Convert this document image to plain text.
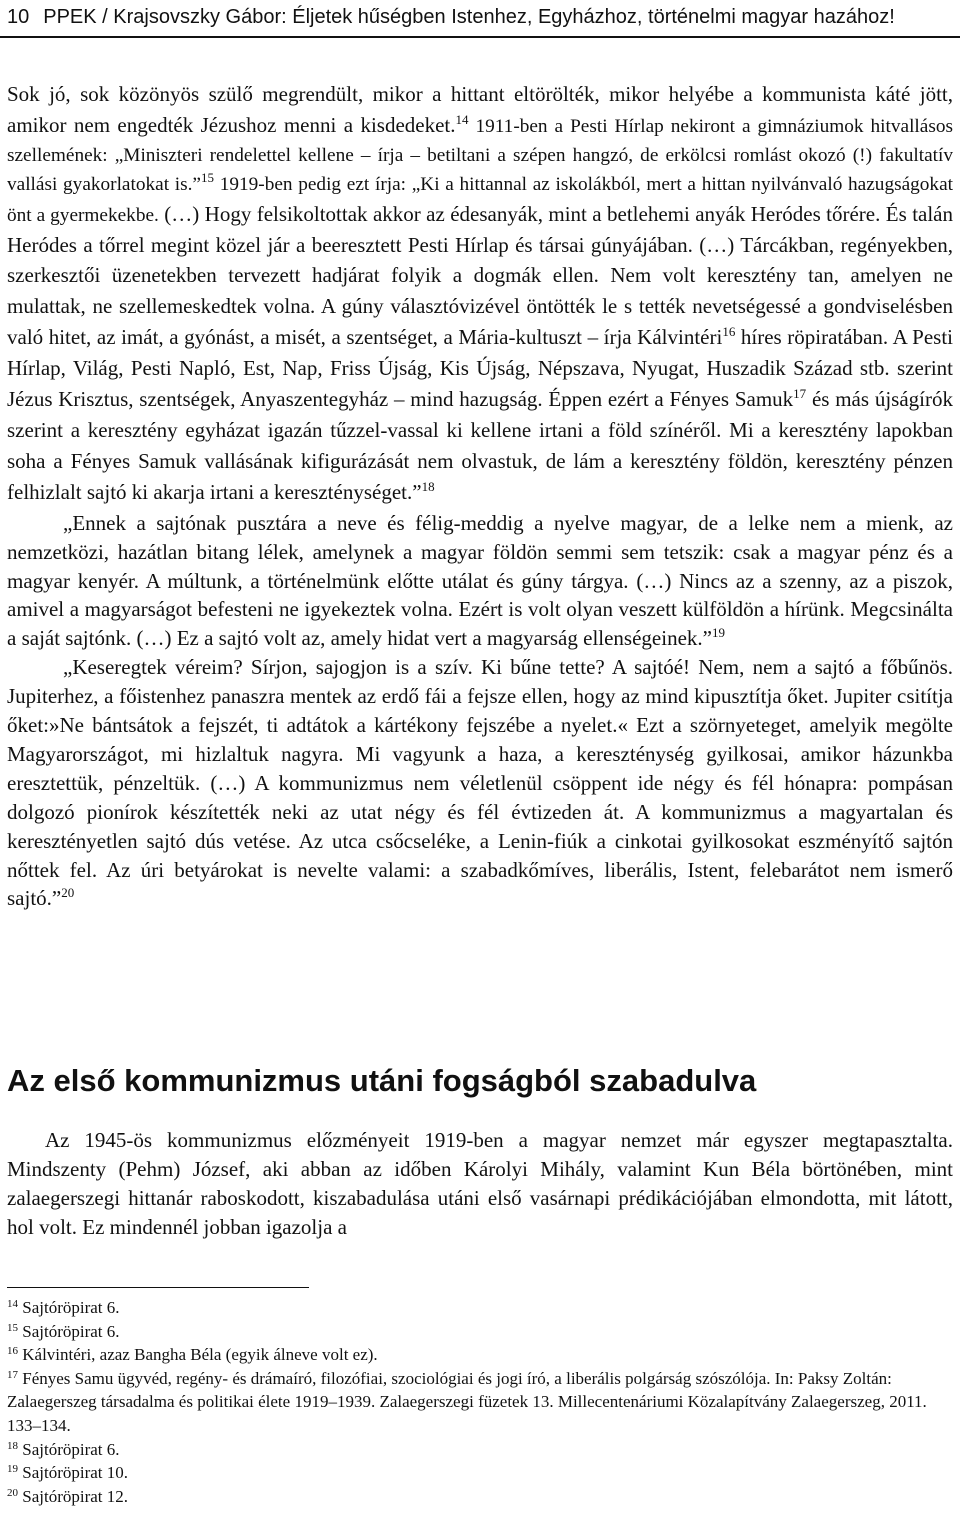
10 PPEK / Krajsovszky Gábor: Éljetek hűségben Istenhez, Egyházhoz, történelmi magyar hazához!

Sok jó, sok közönyös szülő megrendült, mikor a hittant eltörölték, mikor helyébe a kommunista káté jött, amikor nem engedték Jézushoz menni a kisdedeket.$^{14}$ 1911-ben a Pesti Hírlap nekiront a gimnáziumok hitvallásos szellemének: „Miniszteri rendelettel kellene – írja – betiltani a szépen hangzó, de erkölcsi romlást okozó (!) fakultatív vallási gyakorlatokat is.”$^{15}$ 1919-ben pedig ezt írja: „Ki a hittannal az iskolákból, mert a hittan nyilvánvaló hazugságokat önt a gyermekekbe. (…) Hogy felsikoltottak akkor az édesanyák, mint a betlehemi anyák Heródes tőrére. És talán Heródes a tőrrel megint közel jár a beeresztett Pesti Hírlap és társai gúnyájában. (…) Tárcákban, regényekben, szerkesztői üzenetekben tervezett hadjárat folyik a dogmák ellen. Nem volt keresztény tan, amelyen ne mulattak, ne szellemeskedtek volna. A gúny választóvizével öntötték le s tették nevetségessé a gondviselésben való hitet, az imát, a gyónást, a misét, a szentséget, a Mária-kultuszt – írja Kálvintéri$^{16}$ híres röpiratában. A Pesti Hírlap, Világ, Pesti Napló, Est, Nap, Friss Újság, Kis Újság, Népszava, Nyugat, Huszadik Század stb. szerint Jézus Krisztus, szentségek, Anyaszentegyház – mind hazugság. Éppen ezért a Fényes Samuk$^{17}$ és más újságírók szerint a keresztény egyházat igazán tűzzel-vassal ki kellene irtani a föld színéről. Mi a keresztény lapokban soha a Fényes Samuk vallásának kifigurázását nem olvastuk, de lám a keresztény földön, keresztény pénzen felhizlalt sajtó ki akarja irtani a kereszténységet.”$^{18}$

„Ennek a sajtónak pusztára a neve és félig-meddig a nyelve magyar, de a lelke nem a mienk, az nemzetközi, hazátlan bitang lélek, amelynek a magyar földön semmi sem tetszik: csak a magyar pénz és a magyar kenyér. A múltunk, a történelmünk előtte utálat és gúny tárgya. (…) Nincs az a szenny, az a piszok, amivel a magyarságot befesteni ne igyekeztek volna. Ezért is volt olyan veszett külföldön a hírünk. Megcsinálta a saját sajtónk. (…) Ez a sajtó volt az, amely hidat vert a magyarság ellenségeinek.”$^{19}$

„Keseregtek véreim? Sírjon, sajogjon is a szív. Ki bűne tette? A sajtóé! Nem, nem a sajtó a főbűnös. Jupiterhez, a főistenhez panaszra mentek az erdő fái a fejsze ellen, hogy az mind kipusztítja őket. Jupiter csitítja őket:»Ne bántsátok a fejszét, ti adtátok a kártékony fejszébe a nyelet.« Ezt a szörnyeteget, amelyik megölte Magyarországot, mi hizlaltuk nagyra. Mi vagyunk a haza, a kereszténység gyilkosai, amikor házunkba eresztettük, pénzeltük. (…) A kommunizmus nem véletlenül csöppent ide négy és fél hónapra: pompásan dolgozó pionírok készítették neki az utat négy és fél évtizeden át. A kommunizmus a magyartalan és keresztényetlen sajtó dús vetése. Az utca csőcseléke, a Lenin-fiúk a cinkotai gyilkosokat eszményítő sajtón nőttek fel. Az úri betyárokat is nevelte valami: a szabadkőmíves, liberális, Istent, felebarátot nem ismerő sajtó.”$^{20}$

Az első kommunizmus utáni fogságból szabadulva

Az 1945-ös kommunizmus előzményeit 1919-ben a magyar nemzet már egyszer megtapasztalta. Mindszenty (Pehm) József, aki abban az időben Károlyi Mihály, valamint Kun Béla börtönében, mint zalaegerszegi hittanár raboskodott, kiszabadulása utáni első vasárnapi prédikációjában elmondotta, mit látott, hol volt. Ez mindennél jobban igazolja a

$^{14}$ Sajtóröpirat 6.

$^{15}$ Sajtóröpirat 6.

$^{16}$ Kálvintéri, azaz Bangha Béla (egyik álneve volt ez).

$^{17}$ Fényes Samu ügyvéd, regény- és drámaíró, filozófiai, szociológiai és jogi író, a liberális polgárság szószólója. In: Paksy Zoltán: Zalaegerszeg társadalma és politikai élete 1919–1939. Zalaegerszegi füzetek 13. Millecentenáriumi Közalapítvány Zalaegerszeg, 2011. 133–134.

$^{18}$ Sajtóröpirat 6.

$^{19}$ Sajtóröpirat 10.

$^{20}$ Sajtóröpirat 12.
